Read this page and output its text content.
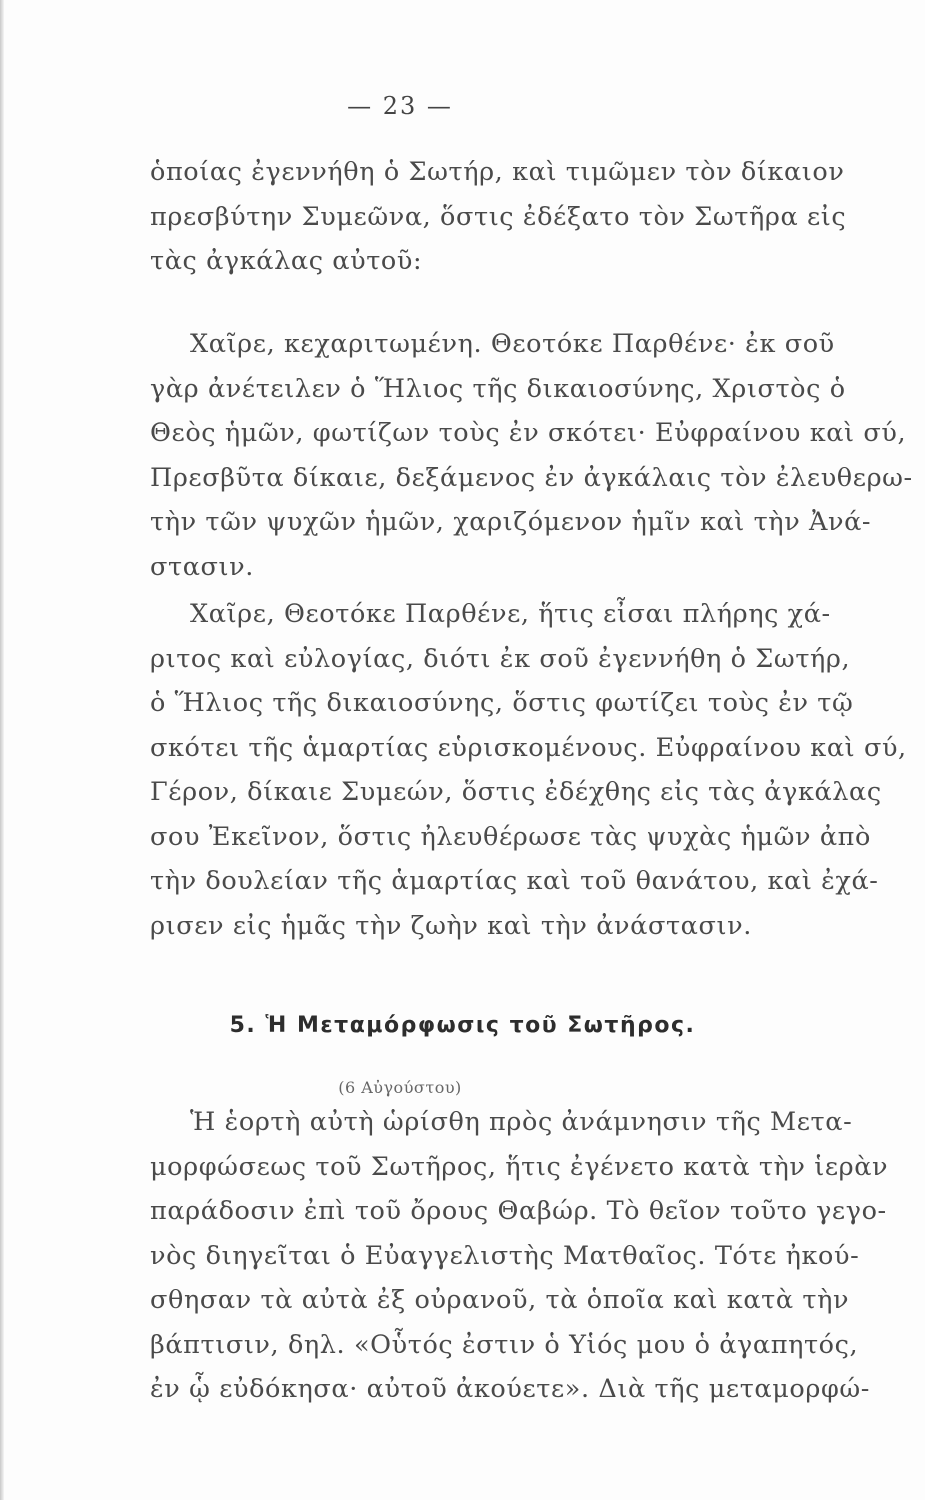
— 23 —

ὁποίας ἐγεννήθη ὁ Σωτήρ, καὶ τιμῶμεν τὸν δίκαιον
πρεσβύτην Συμεῶνα, ὅστις ἐδέξατο τὸν Σωτῆρα εἰς
τὰς ἀγκάλας αὐτοῦ:

Χαῖρε, κεχαριτωμένη. Θεοτόκε Παρθένε· ἐκ σοῦ
γὰρ ἀνέτειλεν ὁ Ἥλιος τῆς δικαιοσύνης, Χριστὸς ὁ
Θεὸς ἡμῶν, φωτίζων τοὺς ἐν σκότει· Εὐφραίνου καὶ σύ,
Πρεσβῦτα δίκαιε, δεξάμενος ἐν ἀγκάλαις τὸν ἐλευθερω-
τὴν τῶν ψυχῶν ἡμῶν, χαριζόμενον ἡμῖν καὶ τὴν Ἀνά-
στασιν.

Χαῖρε, Θεοτόκε Παρθένε, ἥτις εἶσαι πλήρης χά-
ριτος καὶ εὐλογίας, διότι ἐκ σοῦ ἐγεννήθη ὁ Σωτήρ,
ὁ Ἥλιος τῆς δικαιοσύνης, ὅστις φωτίζει τοὺς ἐν τῷ
σκότει τῆς ἁμαρτίας εὑρισκομένους. Εὐφραίνου καὶ σύ,
Γέρον, δίκαιε Συμεών, ὅστις ἐδέχθης εἰς τὰς ἀγκάλας
σου Ἐκεῖνον, ὅστις ἠλευθέρωσε τὰς ψυχὰς ἡμῶν ἀπὸ
τὴν δουλείαν τῆς ἁμαρτίας καὶ τοῦ θανάτου, καὶ ἐχά-
ρισεν εἰς ἡμᾶς τὴν ζωὴν καὶ τὴν ἀνάστασιν.

5. Ἡ Μεταμόρφωσις τοῦ Σωτῆρος.
(6 Αὐγούστου)

Ἡ ἑορτὴ αὐτὴ ὡρίσθη πρὸς ἀνάμνησιν τῆς Μετα-
μορφώσεως τοῦ Σωτῆρος, ἥτις ἐγένετο κατὰ τὴν ἱερὰν
παράδοσιν ἐπὶ τοῦ ὄρους Θαβώρ. Τὸ θεῖον τοῦτο γεγο-
νὸς διηγεῖται ὁ Εὐαγγελιστὴς Ματθαῖος. Τότε ἠκού-
σθησαν τὰ αὐτὰ ἐξ οὐρανοῦ, τὰ ὁποῖα καὶ κατὰ τὴν
βάπτισιν, δηλ. «Οὗτός ἐστιν ὁ Υἱός μου ὁ ἀγαπητός,
ἐν ᾧ εὐδόκησα· αὐτοῦ ἀκούετε». Διὰ τῆς μεταμορφώ-
